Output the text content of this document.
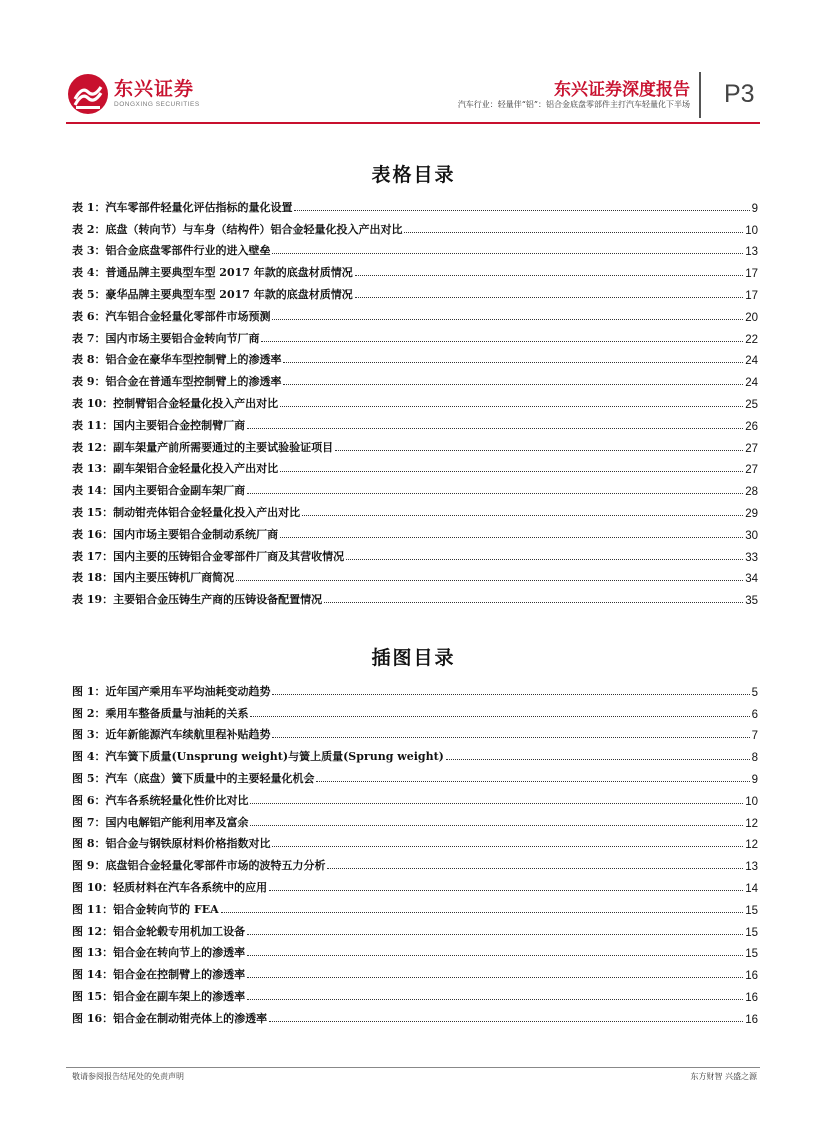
东兴证券
DONGXING SECURITIES
东兴证券深度报告
汽车行业：轻量伴“铝”：铝合金底盘零部件主打汽车轻量化下半场 P3
表格目录
表 1：汽车零部件轻量化评估指标的量化设置	9
表 2：底盘（转向节）与车身（结构件）铝合金轻量化投入产出对比	10
表 3：铝合金底盘零部件行业的进入壁垒	13
表 4：普通品牌主要典型车型 2017 年款的底盘材质情况	17
表 5：豪华品牌主要典型车型 2017 年款的底盘材质情况	17
表 6：汽车铝合金轻量化零部件市场预测	20
表 7：国内市场主要铝合金转向节厂商	22
表 8：铝合金在豪华车型控制臂上的渗透率	24
表 9：铝合金在普通车型控制臂上的渗透率	24
表 10：控制臂铝合金轻量化投入产出对比	25
表 11：国内主要铝合金控制臂厂商	26
表 12：副车架量产前所需要通过的主要试验验证项目	27
表 13：副车架铝合金轻量化投入产出对比	27
表 14：国内主要铝合金副车架厂商	28
表 15：制动钳壳体铝合金轻量化投入产出对比	29
表 16：国内市场主要铝合金制动系统厂商	30
表 17：国内主要的压铸铝合金零部件厂商及其营收情况	33
表 18：国内主要压铸机厂商简况	34
表 19：主要铝合金压铸生产商的压铸设备配置情况	35
插图目录
图 1：近年国产乘用车平均油耗变动趋势	5
图 2：乘用车整备质量与油耗的关系	6
图 3：近年新能源汽车续航里程补贴趋势	7
图 4：汽车簧下质量(Unsprung weight)与簧上质量(Sprung weight)	8
图 5：汽车（底盘）簧下质量中的主要轻量化机会	9
图 6：汽车各系统轻量化性价比对比	10
图 7：国内电解铝产能利用率及富余	12
图 8：铝合金与钢铁原材料价格指数对比	12
图 9：底盘铝合金轻量化零部件市场的波特五力分析	13
图 10：轻质材料在汽车各系统中的应用	14
图 11：铝合金转向节的 FEA	15
图 12：铝合金轮毂专用机加工设备	15
图 13：铝合金在转向节上的渗透率	15
图 14：铝合金在控制臂上的渗透率	16
图 15：铝合金在副车架上的渗透率	16
图 16：铝合金在制动钳壳体上的渗透率	16
敬请参阅报告结尾处的免责声明	东方财智 兴盛之源
